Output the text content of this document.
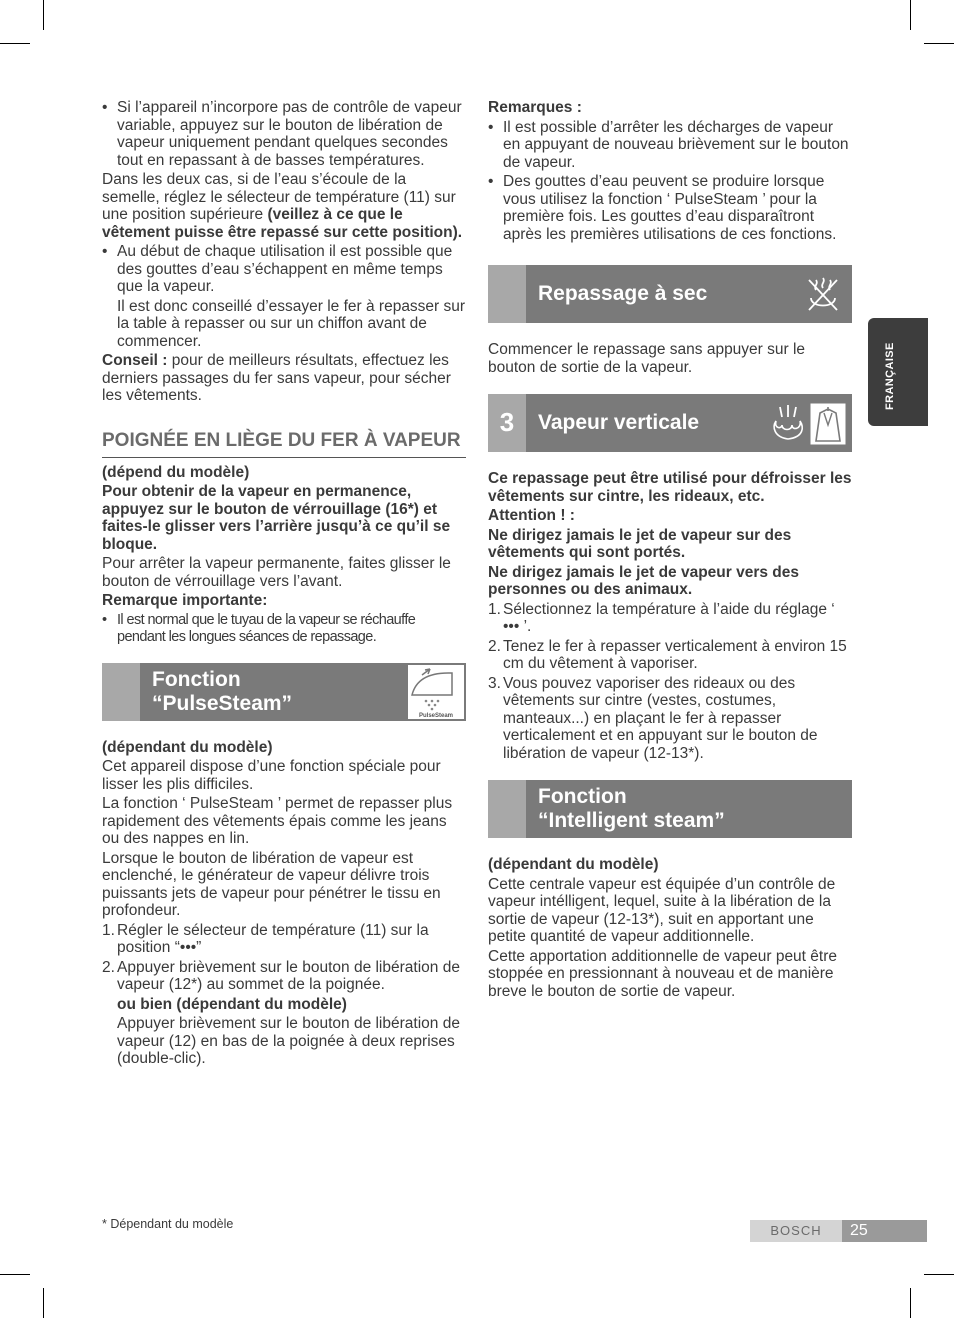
• Si l’appareil n’incorpore pas de contrôle de vapeur variable, appuyez sur le bouton de libération de vapeur uniquement pendant quelques secondes tout en repassant à de basses températures.

Dans les deux cas, si de l’eau s’écoule de la semelle, réglez le sélecteur de température (11) sur une position supérieure (veillez à ce que le vêtement puisse être repassé sur cette position).

• Au début de chaque utilisation il est possible que des gouttes d’eau s’échappent en même temps que la vapeur.

Il est donc conseillé d’essayer le fer à repasser sur la table à repasser ou sur un chiffon avant de commencer.

Conseil : pour de meilleurs résultats, effectuez les derniers passages du fer sans vapeur, pour sécher les vêtements.

POIGNÉE EN LIÈGE DU FER À VAPEUR

(dépend du modèle)

Pour obtenir de la vapeur en permanence, appuyez sur le bouton de vérrouillage (16*) et faites-le glisser vers l’arrière jusqu’à ce qu’il se bloque.

Pour arrêter la vapeur permanente, faites glisser le bouton de vérrouillage vers l’avant.

Remarque importante:

• Il est normal que le tuyau de la vapeur se réchauffe pendant les longues séances de repassage.
Fonction
“PulseSteam”
PulseSteam

(dépendant du modèle)

Cet appareil dispose d’une fonction spéciale pour lisser les plis difficiles.

La fonction ‘ PulseSteam ’ permet de repasser plus rapidement des vêtements épais comme les jeans ou des nappes en lin.

Lorsque le bouton de libération de vapeur est enclenché, le générateur de vapeur délivre trois puissants jets de vapeur pour pénétrer le tissu en profondeur.

1. Régler le sélecteur de température (11) sur la position “•••”
2. Appuyer brièvement sur le bouton de libération de vapeur (12*) au sommet de la poignée.

ou bien (dépendant du modèle)

Appuyer brièvement sur le bouton de libération de vapeur (12) en bas de la poignée à deux reprises (double-clic).

Remarques :

• Il est possible d’arrêter les décharges de vapeur en appuyant de nouveau brièvement sur le bouton de vapeur.
• Des gouttes d’eau peuvent se produire lorsque vous utilisez la fonction ‘ PulseSteam ’ pour la première fois. Les gouttes d’eau disparaîtront après les premières utilisations de ces fonctions.
Repassage à sec

Commencer le repassage sans appuyer sur le bouton de sortie de la vapeur.

3	Vapeur verticale

Ce repassage peut être utilisé pour défroisser les vêtements sur cintre, les rideaux, etc.

Attention ! :

Ne dirigez jamais le jet de vapeur sur des vêtements qui sont portés.

Ne dirigez jamais le jet de vapeur vers des personnes ou des animaux.

1. Sélectionnez la température à l’aide du réglage ‘ ••• ’.
2. Tenez le fer à repasser verticalement à environ 15 cm du vêtement à vaporiser.
3. Vous pouvez vaporiser des rideaux ou des vêtements sur cintre (vestes, costumes, manteaux...) en plaçant le fer à repasser verticalement et en appuyant sur le bouton de libération de vapeur (12-13*).
Fonction
“Intelligent steam”

(dépendant du modèle)

Cette centrale vapeur est équipée d’un contrôle de vapeur intélligent, lequel, suite à la libération de la sortie de vapeur (12-13*), suit en apportant une petite quantité de vapeur additionnelle.

Cette apportation additionnelle de vapeur peut être stoppée en pressionnant à nouveau et de manière breve le bouton de sortie de vapeur.

FRANÇAISE
* Dépendant du modèle	BOSCH	25
